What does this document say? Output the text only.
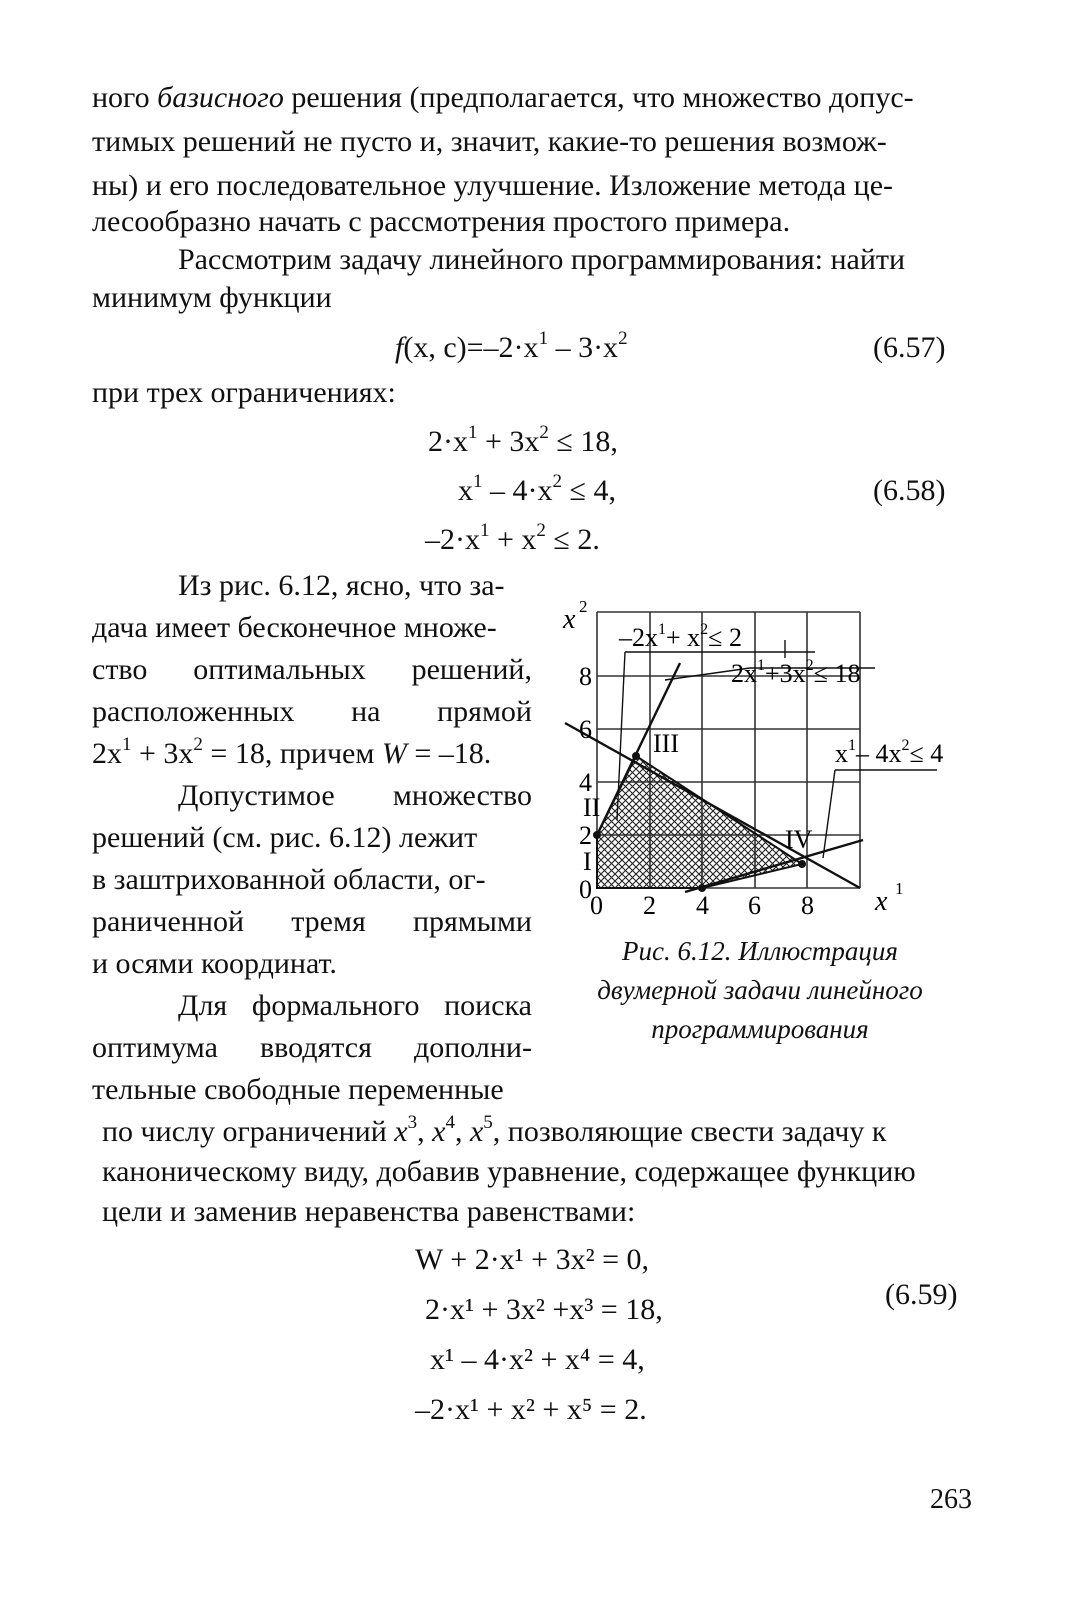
ного базисного решения (предполагается, что множество допус-
тимых решений не пусто и, значит, какие-то решения возмож-
ны) и его последовательное улучшение. Изложение метода це-
лесообразно начать с рассмотрения простого примера.
Рассмотрим задачу линейного программирования: найти
минимум функции
f(x, $c)=-2\cdot x^1 - 3\cdot x^2$	(6.57)
при трех ограничениях:
$2\cdot x^1 + 3x^2 \le 18$,
$x^1 - 4\cdot x^2 \le 4$,
$-2\cdot x^1 + x^2 \le 2$.
(6.58)
Из рис. 6.12, ясно, что за-
дача имеет бесконечное множе-
ство оптимальных решений,
расположенных на прямой
$2x^1 + 3x^2 = 18$, причем W = –18.
Допустимое множество
решений (см. рис. 6.12) лежит
в заштрихованной области, ог-
раниченной тремя прямыми
и осями координат.
Для формального поиска
оптимума вводятся дополни-
тельные свободные переменные
x 2
x 1
0 2 4 6 8
0
2
4
6
8
I
II
III
IV
$-2x^1+ x^2\le 2$
$2x^1+3x^2\le 18$
$x^1-$ $4x^2\le 4$
Рис. 6.12. Иллюстрация
двумерной задачи линейного
программирования
по числу ограничений $x^3$, $x^4$, $x^5$, позволяющие свести задачу к
каноническому виду, добавив уравнение, содержащее функцию
цели и заменив неравенства равенствами:
W + 2·x¹ + 3x² = 0,
2·x¹ + 3x² +x³ = 18,
x¹ – 4·x² + x⁴ = 4,
–2·x¹ + x² + x⁵ = 2.
(6.59)
263
